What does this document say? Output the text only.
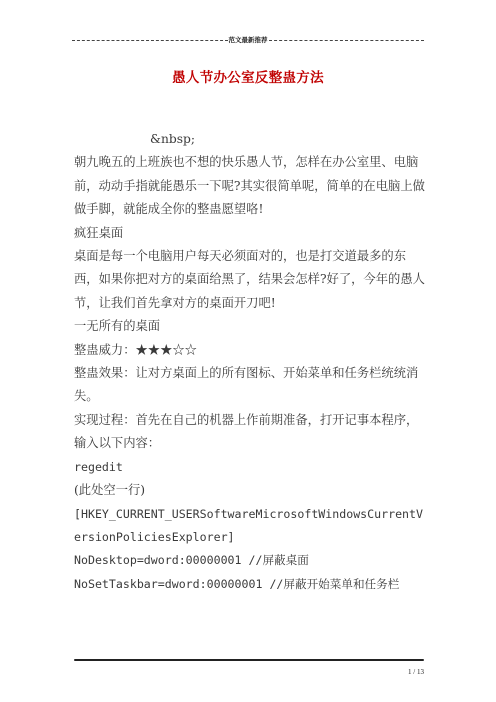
范文最新推荐
愚人节办公室反整蛊方法

&nbsp;

朝九晚五的上班族也不想的快乐愚人节，怎样在办公室里、电脑前，动动手指就能愚乐一下呢?其实很简单呢，简单的在电脑上做做手脚，就能成全你的整蛊愿望咯!

疯狂桌面

桌面是每一个电脑用户每天必须面对的，也是打交道最多的东西，如果你把对方的桌面给黑了，结果会怎样?好了，今年的愚人节，让我们首先拿对方的桌面开刀吧!

一无所有的桌面

整蛊威力：★★★☆☆

整蛊效果：让对方桌面上的所有图标、开始菜单和任务栏统统消失。

实现过程：首先在自己的机器上作前期准备，打开记事本程序，输入以下内容：

regedit

(此处空一行)

[HKEY_CURRENT_USERSoftwareMicrosoftWindowsCurrentVersionPoliciesExplorer]

NoDesktop=dword:00000001 //屏蔽桌面

NoSetTaskbar=dword:00000001 //屏蔽开始菜单和任务栏

1 / 13
